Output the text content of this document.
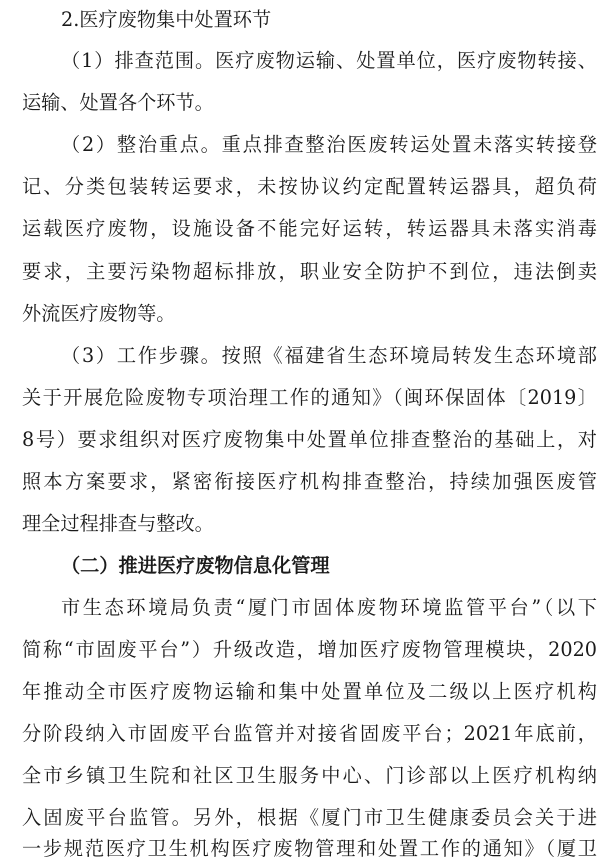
2.医疗废物集中处置环节
（1）排查范围。医疗废物运输、处置单位，医疗废物转接、
运输、处置各个环节。
（2）整治重点。重点排查整治医废转运处置未落实转接登
记、分类包装转运要求，未按协议约定配置转运器具，超负荷
运载医疗废物，设施设备不能完好运转，转运器具未落实消毒
要求，主要污染物超标排放，职业安全防护不到位，违法倒卖
外流医疗废物等。
（3）工作步骤。按照《福建省生态环境局转发生态环境部
关于开展危险废物专项治理工作的通知》（闽环保固体〔2019〕
8号）要求组织对医疗废物集中处置单位排查整治的基础上，对
照本方案要求，紧密衔接医疗机构排查整治，持续加强医废管
理全过程排查与整改。
（二）推进医疗废物信息化管理
市生态环境局负责“厦门市固体废物环境监管平台”（以下
简称“市固废平台”）升级改造，增加医疗废物管理模块，2020
年推动全市医疗废物运输和集中处置单位及二级以上医疗机构
分阶段纳入市固废平台监管并对接省固废平台；2021年底前，
全市乡镇卫生院和社区卫生服务中心、门诊部以上医疗机构纳
入固废平台监管。另外，根据《厦门市卫生健康委员会关于进
一步规范医疗卫生机构医疗废物管理和处置工作的通知》（厦卫
